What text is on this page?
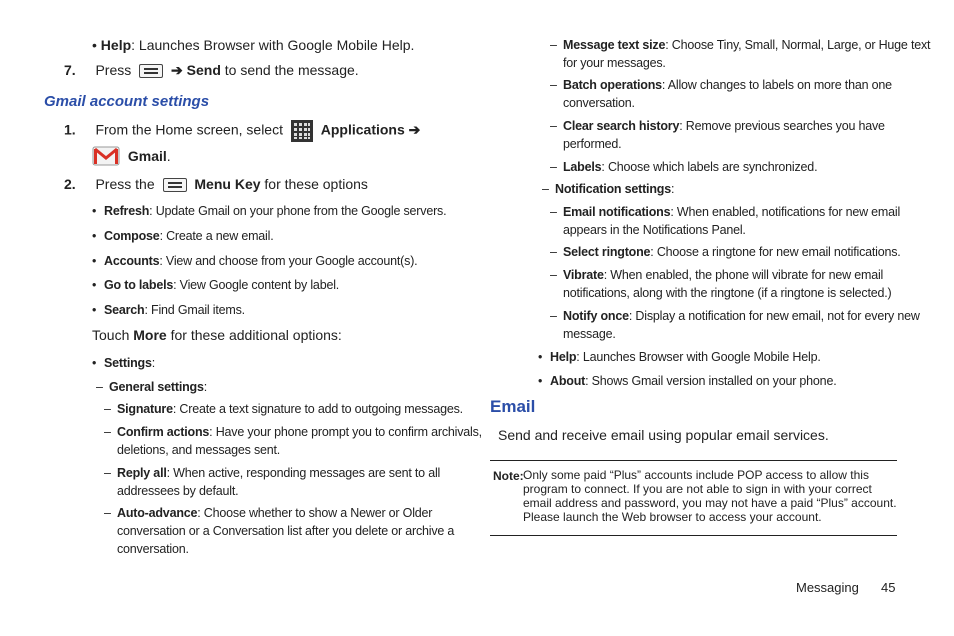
• Help: Launches Browser with Google Mobile Help.
7. Press	➔ Send to send the message.
Gmail account settings
1. From the Home screen, select	Applications ➔
Gmail.
2. Press the	Menu Key for these options
• Refresh: Update Gmail on your phone from the Google servers.
• Compose: Create a new email.
• Accounts: View and choose from your Google account(s).
• Go to labels: View Google content by label.
• Search: Find Gmail items.
Touch More for these additional options:
• Settings:
– General settings:
– Signature: Create a text signature to add to outgoing messages.
– Confirm actions: Have your phone prompt you to confirm archivals,
deletions, and messages sent.
– Reply all: When active, responding messages are sent to all
addressees by default.
– Auto-advance: Choose whether to show a Newer or Older
conversation or a Conversation list after you delete or archive a
conversation.
– Message text size: Choose Tiny, Small, Normal, Large, or Huge text
for your messages.
– Batch operations: Allow changes to labels on more than one
conversation.
– Clear search history: Remove previous searches you have
performed.
– Labels: Choose which labels are synchronized.
– Notification settings:
– Email notifications: When enabled, notifications for new email
appears in the Notifications Panel.
– Select ringtone: Choose a ringtone for new email notifications.
– Vibrate: When enabled, the phone will vibrate for new email
notifications, along with the ringtone (if a ringtone is selected.)
– Notify once: Display a notification for new email, not for every new
message.
• Help: Launches Browser with Google Mobile Help.
• About: Shows Gmail version installed on your phone.
Email
Send and receive email using popular email services.
Note: Only some paid “Plus” accounts include POP access to allow this
program to connect. If you are not able to sign in with your correct
email address and password, you may not have a paid “Plus” account.
Please launch the Web browser to access your account.
Messaging 45
